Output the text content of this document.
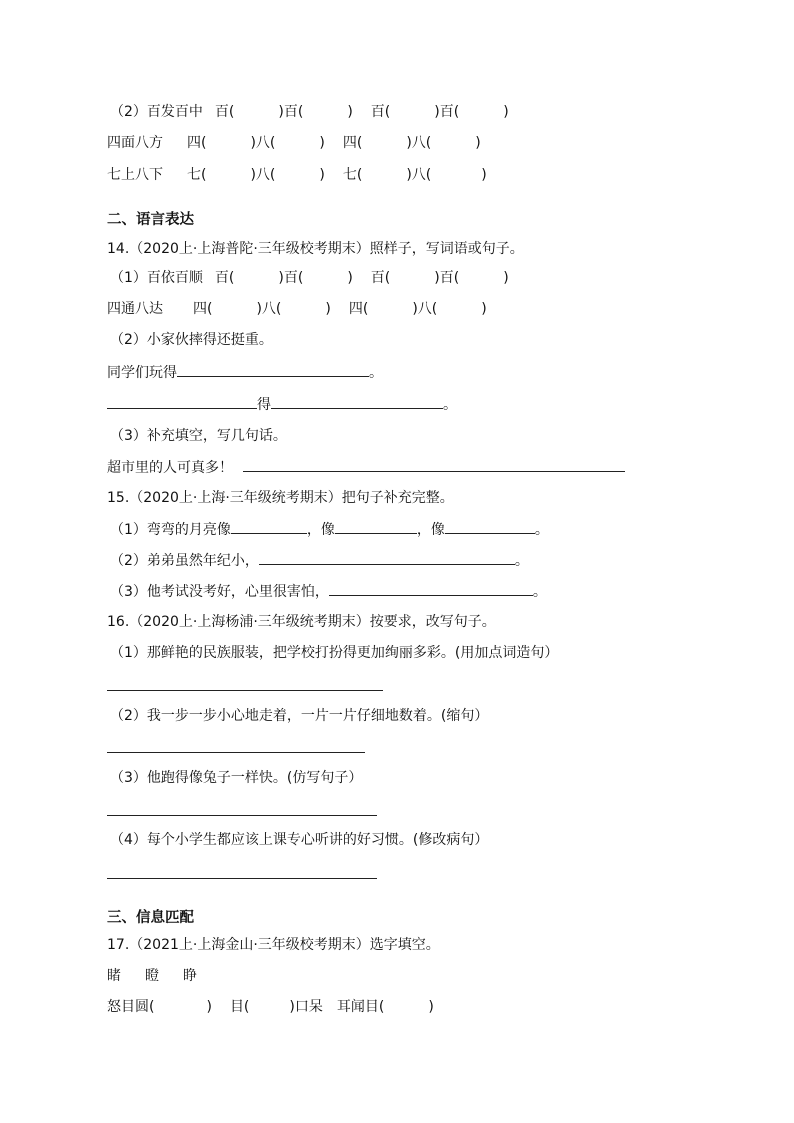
（2）百发百中 百(	)百(	) 百(	)百(	)
四面八方 四(	)八(	) 四(	)八(	)
七上八下 七(	)八(	) 七(	)八(	)
二、语言表达
14.（2020上·上海普陀·三年级校考期末）照样子，写词语或句子。
（1）百依百顺 百(	)百(	) 百(	)百(	)
四通八达 四(	)八(	) 四(	)八(	)
（2）小家伙摔得还挺重。
同学们玩得	。
得	。
（3）补充填空，写几句话。
超市里的人可真多！
15.（2020上·上海·三年级统考期末）把句子补充完整。
（1）弯弯的月亮像	，像	，像	。
（2）弟弟虽然年纪小，	。
（3）他考试没考好，心里很害怕，	。
16.（2020上·上海杨浦·三年级统考期末）按要求，改写句子。
（1）那鲜艳的民族服装，把学校打扮得更加绚丽多彩。(用加点词造句）
（2）我一步一步小心地走着，一片一片仔细地数着。(缩句）
（3）他跑得像兔子一样快。(仿写句子）
（4）每个小学生都应该上课专心听讲的好习惯。(修改病句）
三、信息匹配
17.（2021上·上海金山·三年级校考期末）选字填空。
睹 瞪 睁
怒目圆(	) 目(	)口呆 耳闻目(	)
